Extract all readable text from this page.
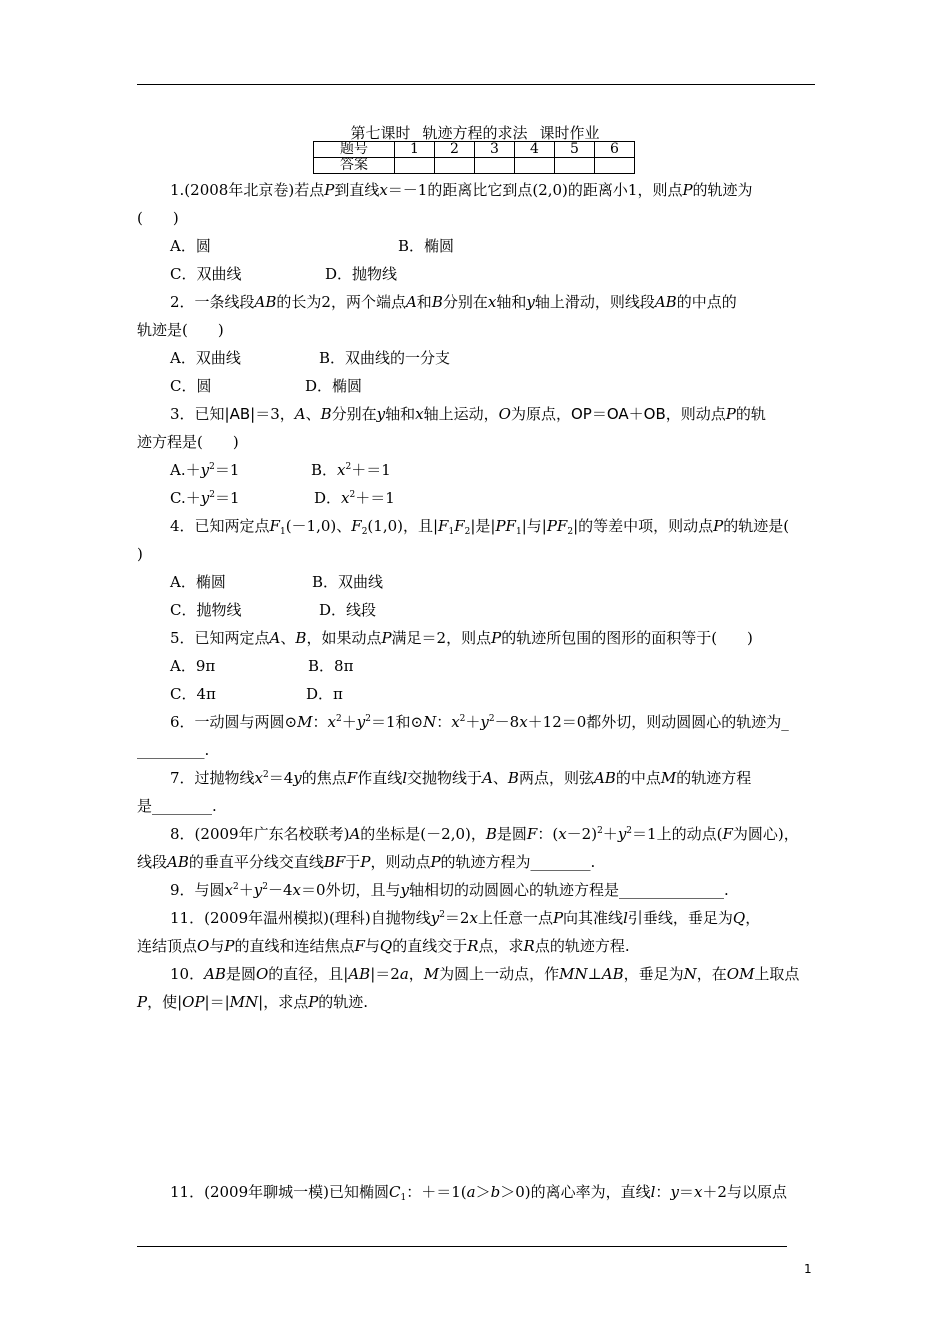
第七课时 轨迹方程的求法 课时作业
题号	1	2	3	4	5	6
答案						
1.(2008年北京卷)若点P到直线x＝－1的距离比它到点(2,0)的距离小1，则点P的轨迹为
(　　)
A．圆	B．椭圆
C．双曲线	D．抛物线
2．一条线段AB的长为2，两个端点A和B分别在x轴和y轴上滑动，则线段AB的中点的
轨迹是(　　)
A．双曲线	B．双曲线的一分支
C．圆	D．椭圆
3．已知|AB|＝3，A、B分别在y轴和x轴上运动，O为原点，OP＝OA＋OB，则动点P的轨
迹方程是(　　)
$A.+y^2=1$	B．$x^2+=1$
$C.+y^2=1$	D．$x^2+=1$
4．已知两定点$F_1(-1,0)$、$F_2(1,0)$，且$|F_1F_2|$是$|PF_1|$与$|PF_2|$的等差中项，则动点P的轨迹是(
)
A．椭圆	B．双曲线
C．抛物线	D．线段
5．已知两定点A、B，如果动点P满足＝2，则点P的轨迹所包围的图形的面积等于(　　)
A．9π	B．8π
C．4π	D．π
6．一动圆与两圆⊙M：$x^2+y^2=1$和⊙N：$x^2+y^2-8x+12=0$都外切，则动圆圆心的轨迹为_
_________.
7．过抛物线$x^2=4y$的焦点F作直线l交抛物线于A、B两点，则弦AB的中点M的轨迹方程
是________.
8．(2009年广东名校联考)A的坐标是(－2,0)，B是圆F：$(x-2)^2+y^2=1$上的动点(F为圆心)，
线段AB的垂直平分线交直线BF于P，则动点P的轨迹方程为________.
9．与圆$x^2+y^2-4x=0$外切，且与y轴相切的动圆圆心的轨迹方程是______________.
11．(2009年温州模拟)(理科)自抛物线$y^2=2x$上任意一点P向其准线l引垂线，垂足为Q，
连结顶点O与P的直线和连结焦点F与Q的直线交于R点，求R点的轨迹方程.
10．AB是圆O的直径，且|AB|＝2a，M为圆上一动点，作MN⊥AB，垂足为N，在OM上取点
P，使|OP|＝|MN|，求点P的轨迹.
11．(2009年聊城一模)已知椭圆$C_1$：＋＝1(a＞b＞0)的离心率为，直线l：y＝x＋2与以原点
1
